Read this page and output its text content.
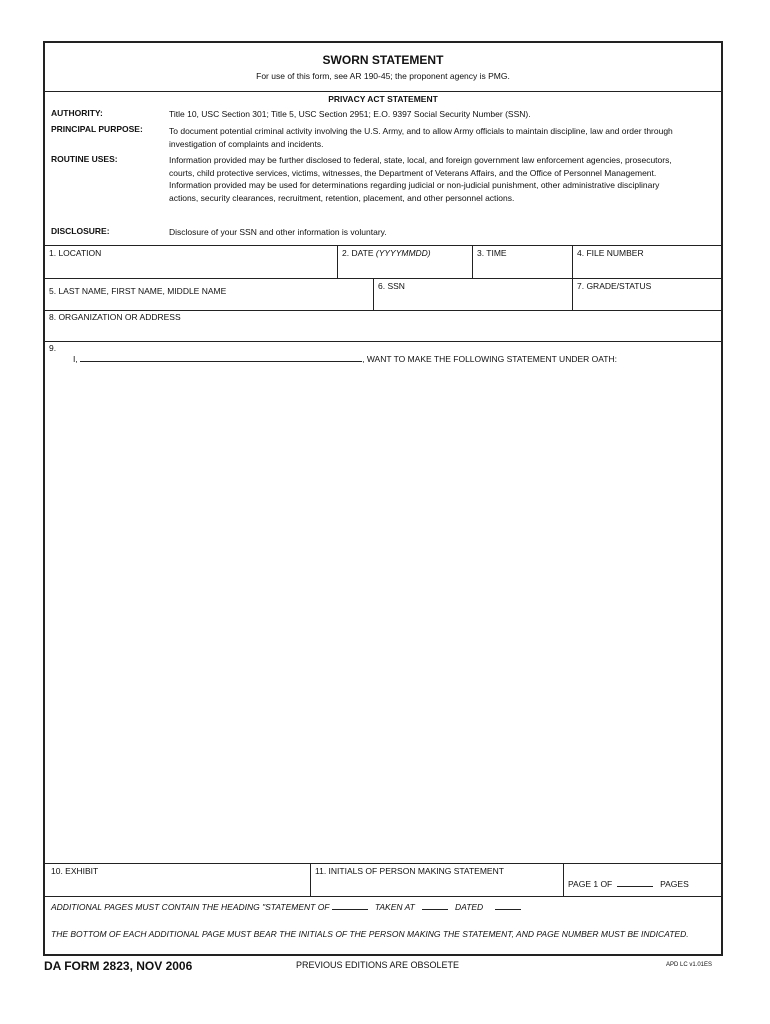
SWORN STATEMENT
For use of this form, see AR 190-45; the proponent agency is PMG.
PRIVACY ACT STATEMENT
AUTHORITY:	Title 10, USC Section 301; Title 5, USC Section 2951; E.O. 9397 Social Security Number (SSN).
PRINCIPAL PURPOSE:	To document potential criminal activity involving the U.S. Army, and to allow Army officials to maintain discipline, law and order through investigation of complaints and incidents.
ROUTINE USES:	Information provided may be further disclosed to federal, state, local, and foreign government law enforcement agencies, prosecutors, courts, child protective services, victims, witnesses, the Department of Veterans Affairs, and the Office of Personnel Management. Information provided may be used for determinations regarding judicial or non-judicial punishment, other administrative disciplinary actions, security clearances, recruitment, retention, placement, and other personnel actions.
DISCLOSURE:	Disclosure of your SSN and other information is voluntary.
1. LOCATION	2. DATE (YYYYMMDD)	3. TIME	4. FILE NUMBER
5. LAST NAME, FIRST NAME, MIDDLE NAME	6. SSN	7. GRADE/STATUS
8. ORGANIZATION OR ADDRESS
9.
I,	, WANT TO MAKE THE FOLLOWING STATEMENT UNDER OATH:
10. EXHIBIT	11. INITIALS OF PERSON MAKING STATEMENT
PAGE 1 OF	PAGES
ADDITIONAL PAGES MUST CONTAIN THE HEADING "STATEMENT OF	TAKEN AT	DATED
THE BOTTOM OF EACH ADDITIONAL PAGE MUST BEAR THE INITIALS OF THE PERSON MAKING THE STATEMENT, AND PAGE NUMBER MUST BE INDICATED.
DA FORM 2823, NOV 2006	PREVIOUS EDITIONS ARE OBSOLETE	APD LC v1.01ES
